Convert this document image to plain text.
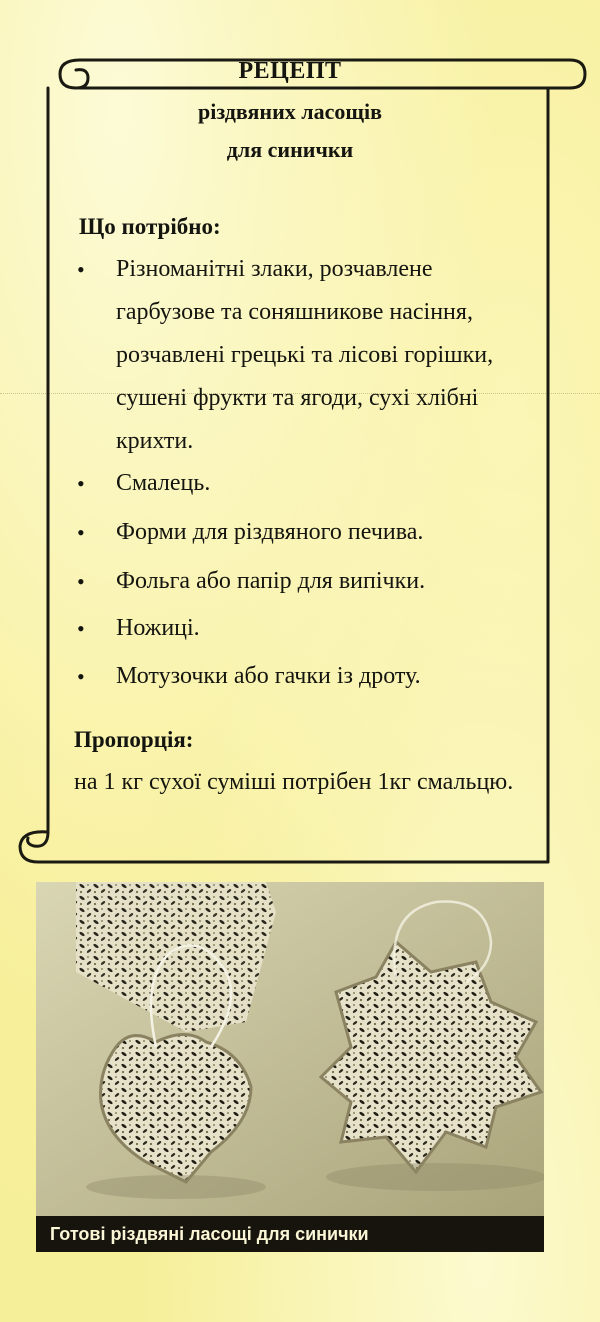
РЕЦЕПТ
різдвяних ласощів
для синички
Що потрібно:
• Різноманітні злаки, розчавлене гарбузове та соняшникове насіння, розчавлені грецькі та лісові горішки, сушені фрукти та ягоди, сухі хлібні крихти.
• Смалець.
• Форми для різдвяного печива.
• Фольга або папір для випічки.
• Ножиці.
• Мотузочки або гачки із дроту.
Пропорція:
на 1 кг сухої суміші потрібен 1кг смальцю.
Готові різдвяні ласощі для синички
